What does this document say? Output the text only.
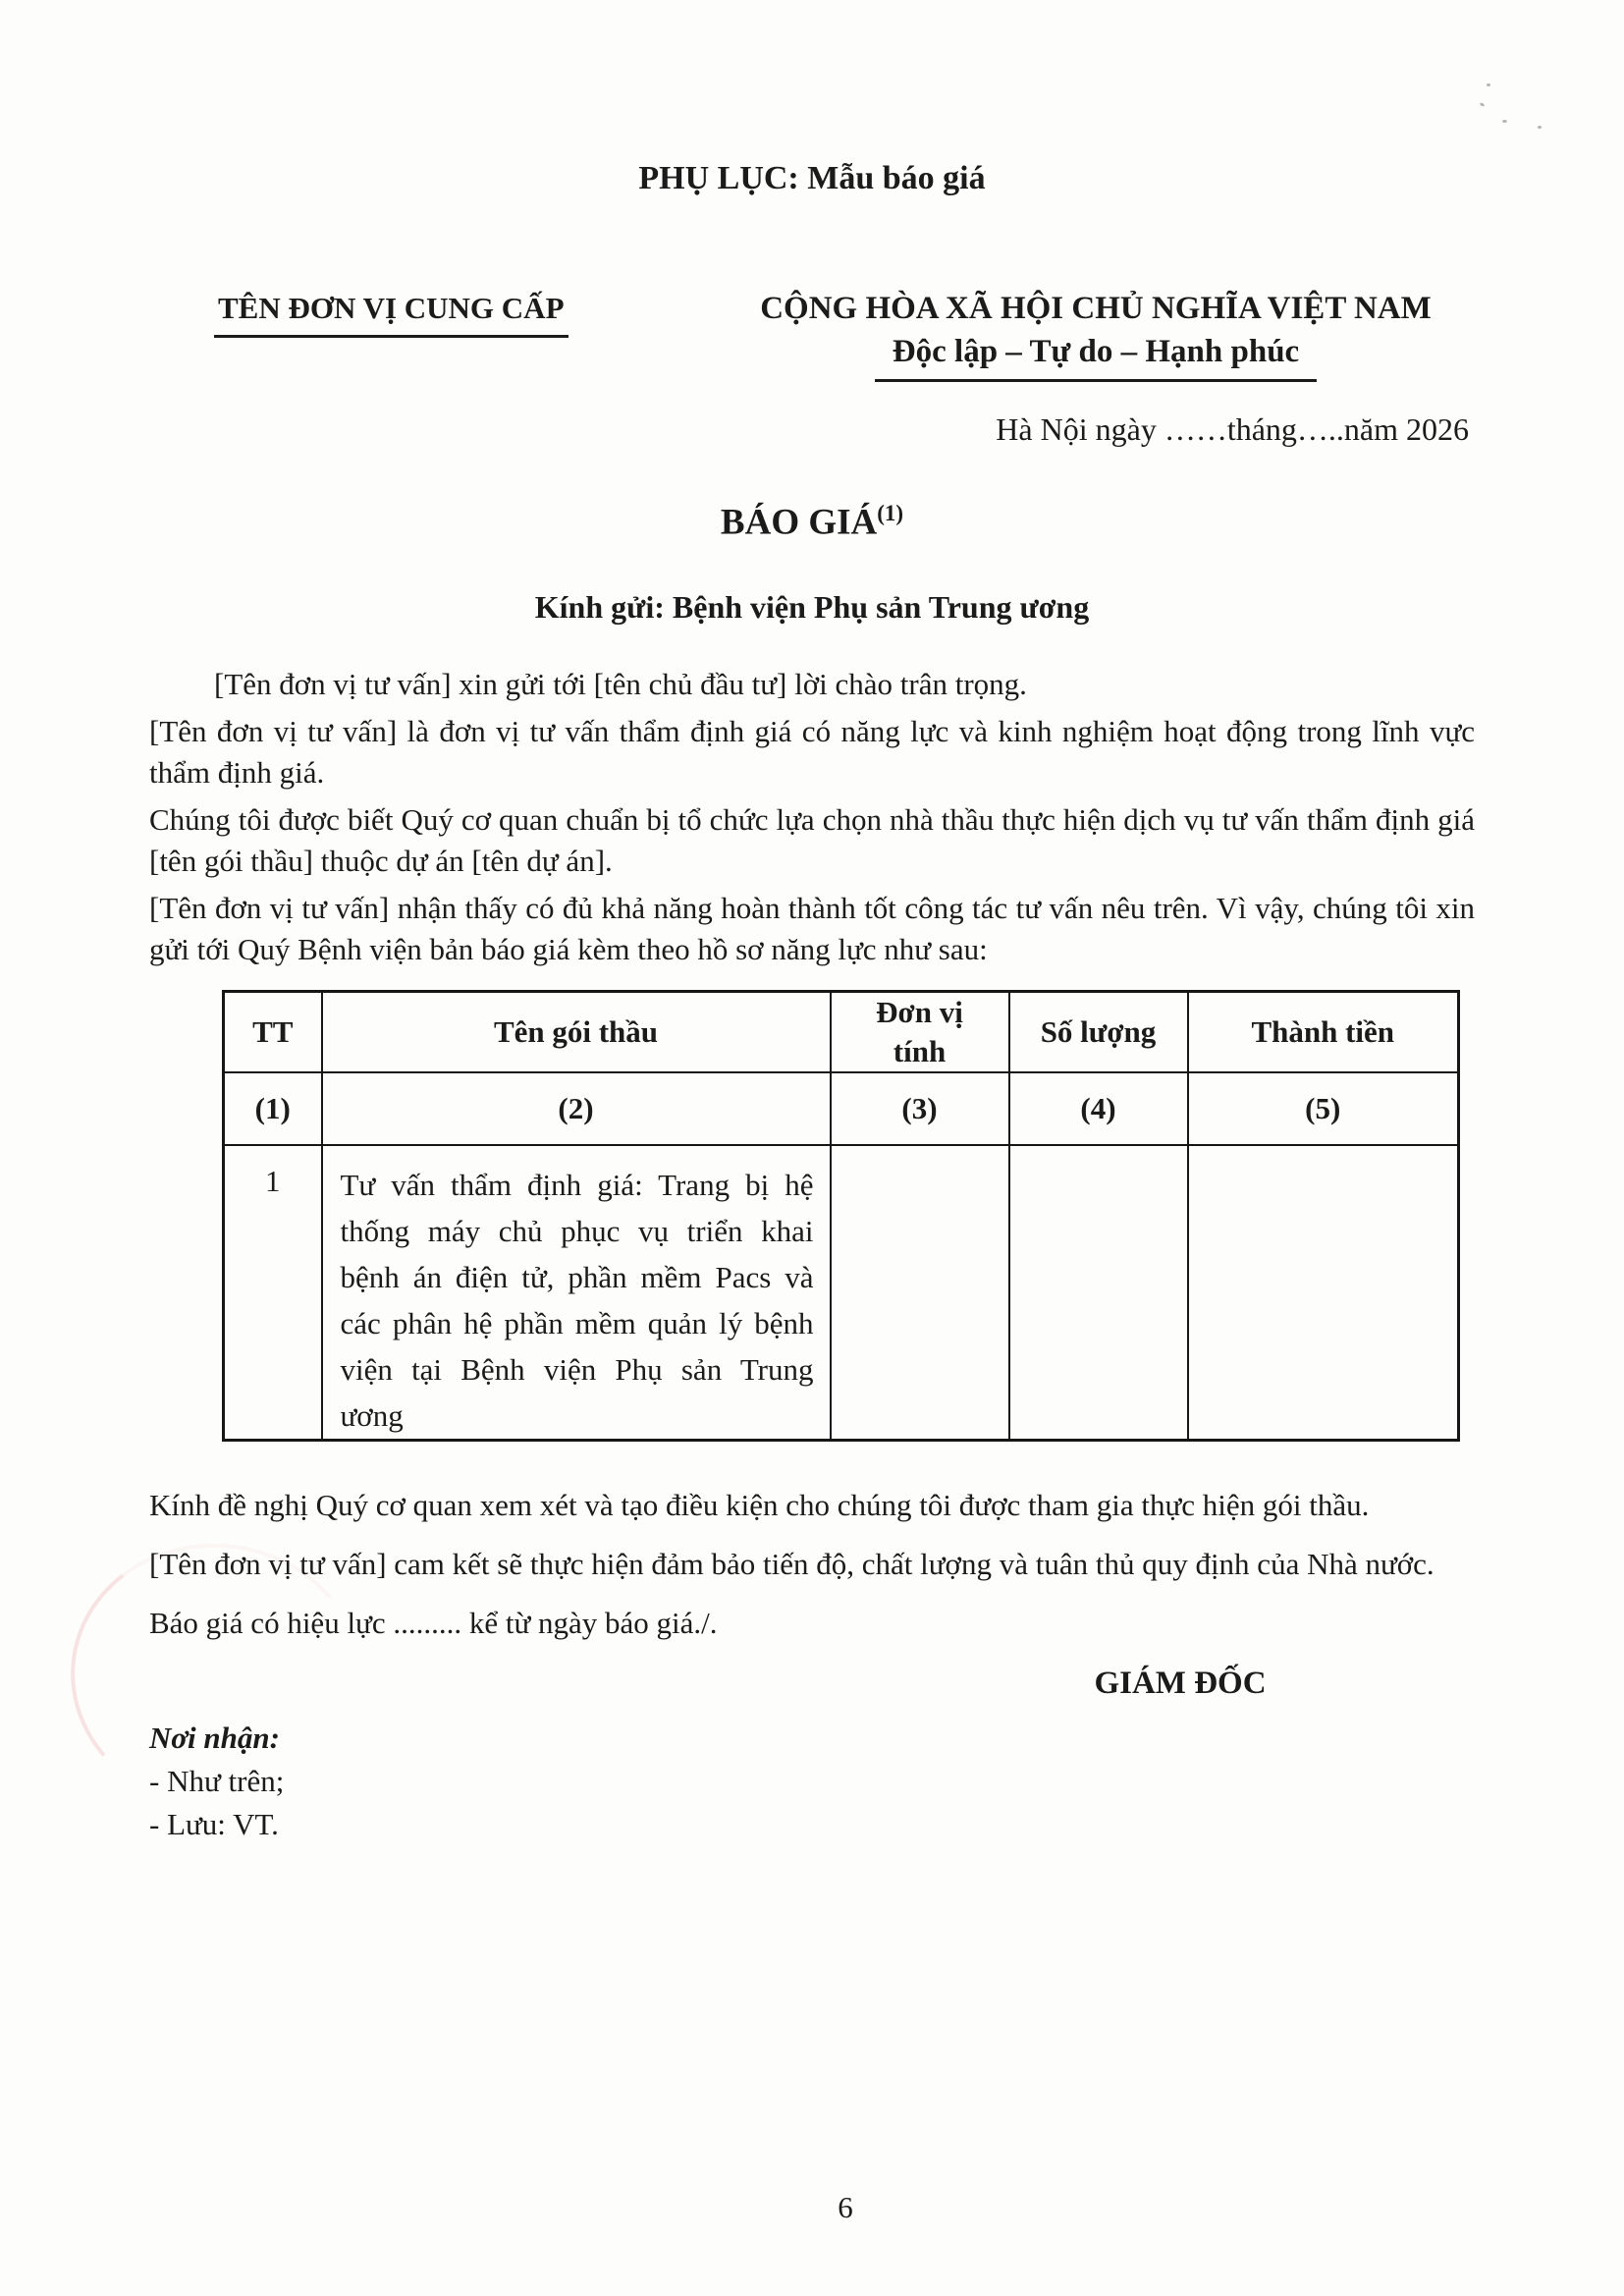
PHỤ LỤC: Mẫu báo giá
TÊN ĐƠN VỊ CUNG CẤP	CỘNG HÒA XÃ HỘI CHỦ NGHĨA VIỆT NAM
Độc lập – Tự do – Hạnh phúc
Hà Nội ngày ……tháng…..năm 2026
BÁO GIÁ$^{(1)}$
Kính gửi: Bệnh viện Phụ sản Trung ương

[Tên đơn vị tư vấn] xin gửi tới [tên chủ đầu tư] lời chào trân trọng.

[Tên đơn vị tư vấn] là đơn vị tư vấn thẩm định giá có năng lực và kinh nghiệm hoạt động trong lĩnh vực thẩm định giá.

Chúng tôi được biết Quý cơ quan chuẩn bị tổ chức lựa chọn nhà thầu thực hiện dịch vụ tư vấn thẩm định giá [tên gói thầu] thuộc dự án [tên dự án].

[Tên đơn vị tư vấn] nhận thấy có đủ khả năng hoàn thành tốt công tác tư vấn nêu trên. Vì vậy, chúng tôi xin gửi tới Quý Bệnh viện bản báo giá kèm theo hồ sơ năng lực như sau:

TT	Tên gói thầu	Đơn vị tính	Số lượng	Thành tiền
(1)	(2)	(3)	(4)	(5)
1	Tư vấn thẩm định giá: Trang bị hệ thống máy chủ phục vụ triển khai bệnh án điện tử, phần mềm Pacs và các phân hệ phần mềm quản lý bệnh viện tại Bệnh viện Phụ sản Trung ương			

Kính đề nghị Quý cơ quan xem xét và tạo điều kiện cho chúng tôi được tham gia thực hiện gói thầu.

[Tên đơn vị tư vấn] cam kết sẽ thực hiện đảm bảo tiến độ, chất lượng và tuân thủ quy định của Nhà nước.

Báo giá có hiệu lực ......... kể từ ngày báo giá./.

GIÁM ĐỐC
Nơi nhận:
- Như trên;
- Lưu: VT.
6
